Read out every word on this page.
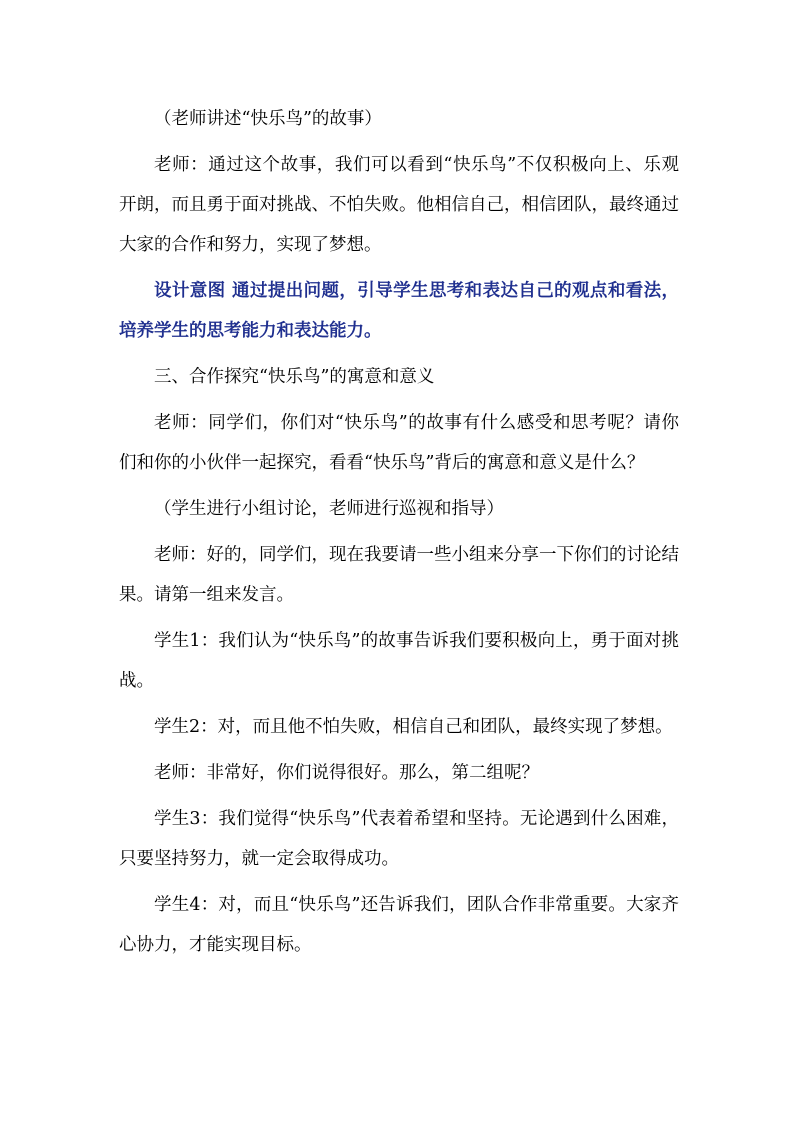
（老师讲述“快乐鸟”的故事）

老师：通过这个故事，我们可以看到“快乐鸟”不仅积极向上、乐观开朗，而且勇于面对挑战、不怕失败。他相信自己，相信团队，最终通过大家的合作和努力，实现了梦想。

设计意图 通过提出问题，引导学生思考和表达自己的观点和看法，培养学生的思考能力和表达能力。

三、合作探究“快乐鸟”的寓意和意义

老师：同学们，你们对“快乐鸟”的故事有什么感受和思考呢？请你们和你的小伙伴一起探究，看看“快乐鸟”背后的寓意和意义是什么？

（学生进行小组讨论，老师进行巡视和指导）

老师：好的，同学们，现在我要请一些小组来分享一下你们的讨论结果。请第一组来发言。

学生1：我们认为“快乐鸟”的故事告诉我们要积极向上，勇于面对挑战。

学生2：对，而且他不怕失败，相信自己和团队，最终实现了梦想。

老师：非常好，你们说得很好。那么，第二组呢？

学生3：我们觉得“快乐鸟”代表着希望和坚持。无论遇到什么困难，只要坚持努力，就一定会取得成功。

学生4：对，而且“快乐鸟”还告诉我们，团队合作非常重要。大家齐心协力，才能实现目标。
